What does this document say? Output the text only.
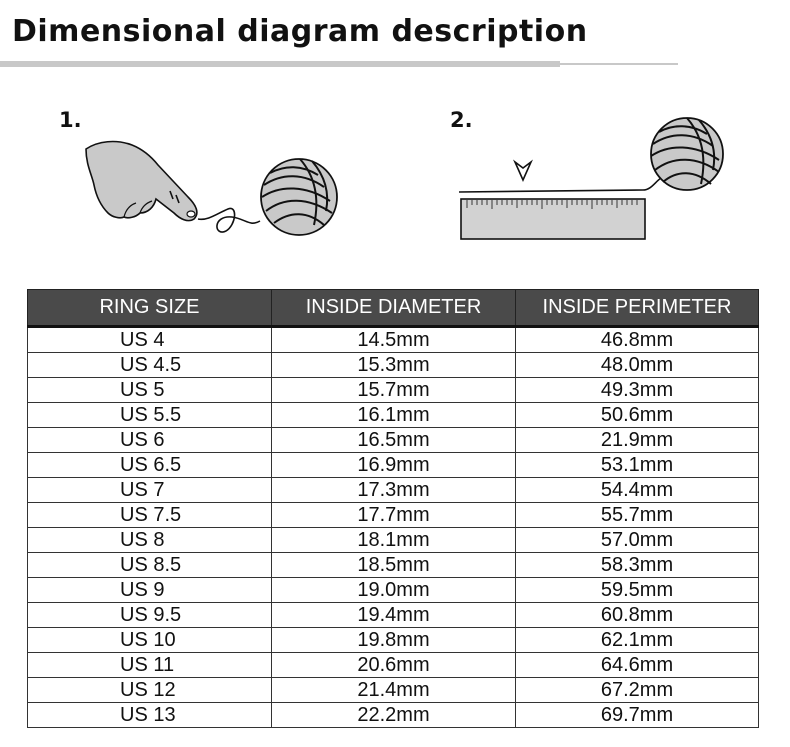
Dimensional diagram description
1.	2.
RING SIZE	INSIDE DIAMETER	INSIDE PERIMETER
US 4	14.5mm	46.8mm
US 4.5	15.3mm	48.0mm
US 5	15.7mm	49.3mm
US 5.5	16.1mm	50.6mm
US 6	16.5mm	21.9mm
US 6.5	16.9mm	53.1mm
US 7	17.3mm	54.4mm
US 7.5	17.7mm	55.7mm
US 8	18.1mm	57.0mm
US 8.5	18.5mm	58.3mm
US 9	19.0mm	59.5mm
US 9.5	19.4mm	60.8mm
US 10	19.8mm	62.1mm
US 11	20.6mm	64.6mm
US 12	21.4mm	67.2mm
US 13	22.2mm	69.7mm
